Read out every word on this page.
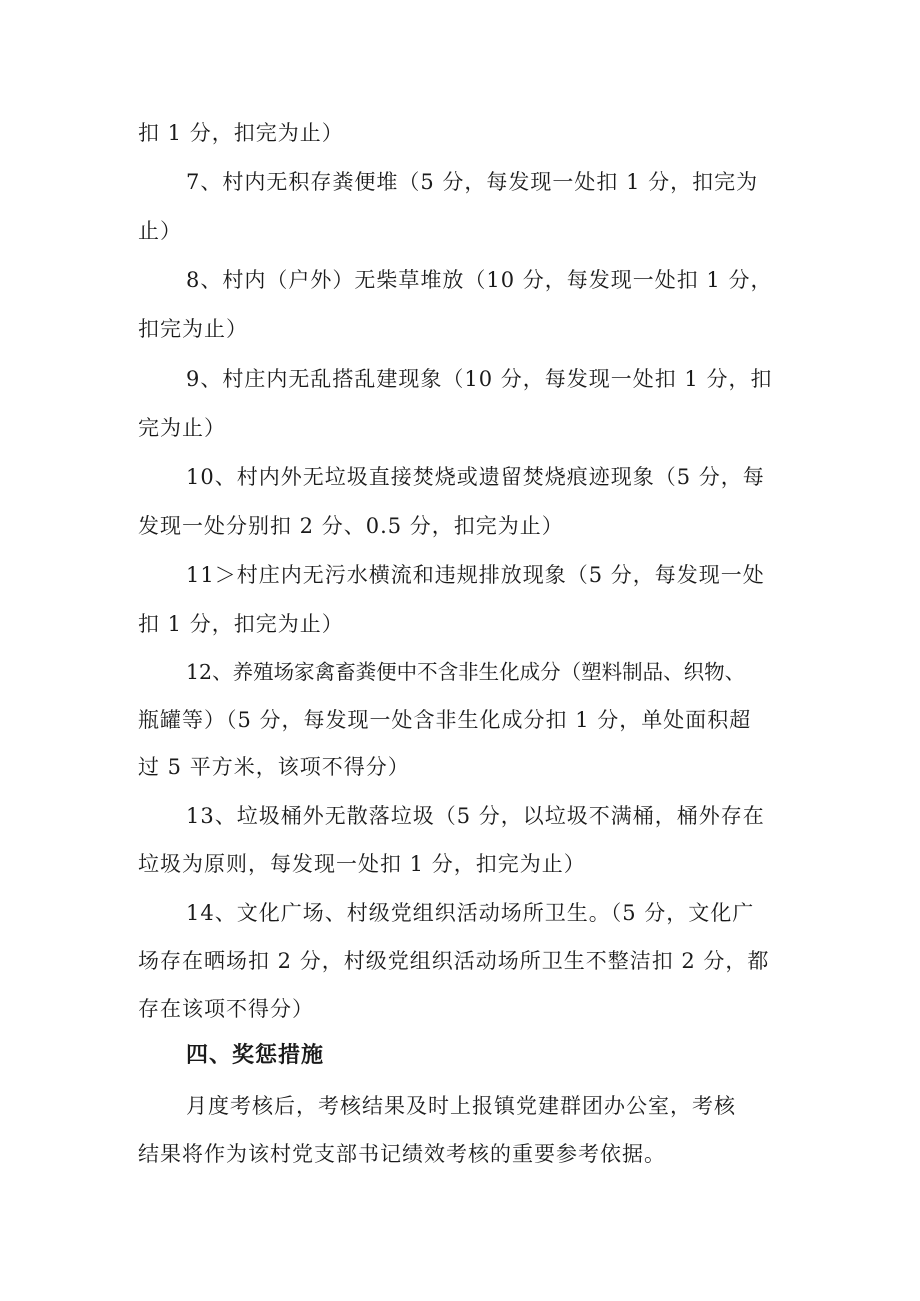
扣 1 分，扣完为止）
7、村内无积存粪便堆（5 分，每发现一处扣 1 分，扣完为
止）
8、村内（户外）无柴草堆放（10 分，每发现一处扣 1 分，
扣完为止）
9、村庄内无乱搭乱建现象（10 分，每发现一处扣 1 分，扣
完为止）
10、村内外无垃圾直接焚烧或遗留焚烧痕迹现象（5 分，每
发现一处分别扣 2 分、0.5 分，扣完为止）
11＞村庄内无污水横流和违规排放现象（5 分，每发现一处
扣 1 分，扣完为止）
12、养殖场家禽畜粪便中不含非生化成分（塑料制品、织物、
瓶罐等）（5 分，每发现一处含非生化成分扣 1 分，单处面积超
过 5 平方米，该项不得分）
13、垃圾桶外无散落垃圾（5 分，以垃圾不满桶，桶外存在
垃圾为原则，每发现一处扣 1 分，扣完为止）
14、文化广场、村级党组织活动场所卫生。（5 分，文化广
场存在晒场扣 2 分，村级党组织活动场所卫生不整洁扣 2 分，都
存在该项不得分）
四、奖惩措施
月度考核后，考核结果及时上报镇党建群团办公室，考核
结果将作为该村党支部书记绩效考核的重要参考依据。
